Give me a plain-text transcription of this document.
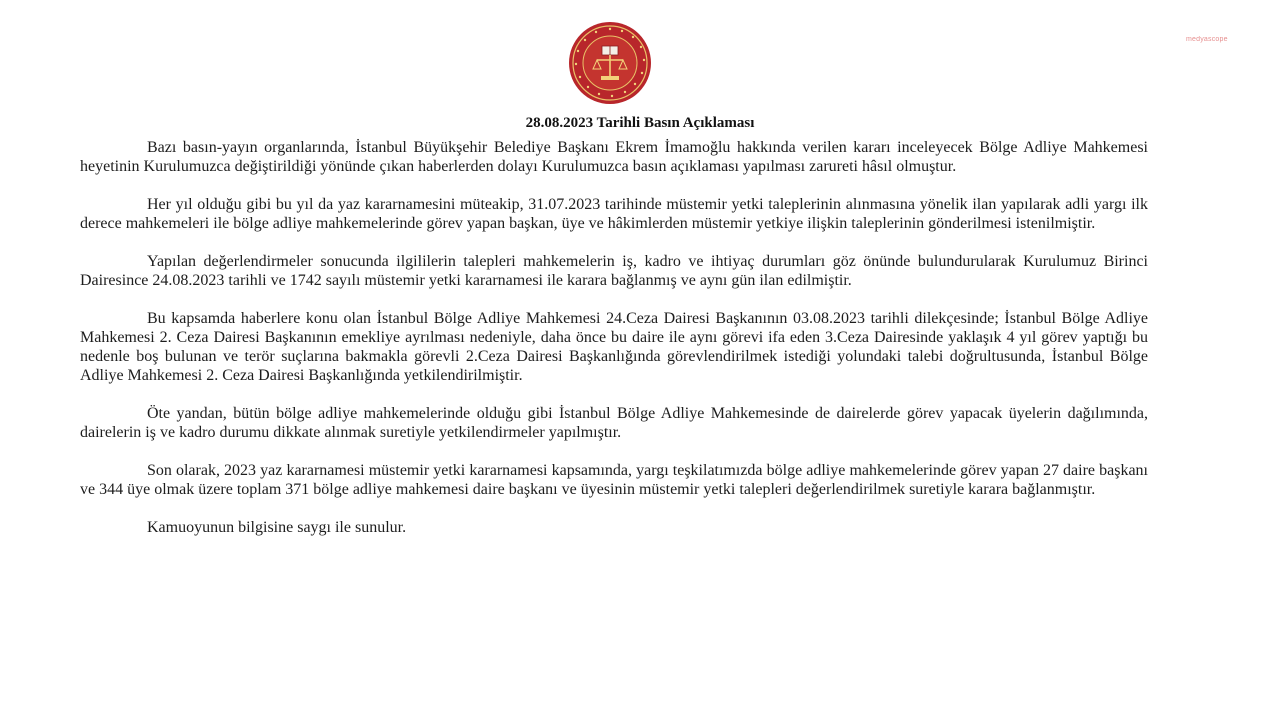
medyascope
28.08.2023 Tarihli Basın Açıklaması

Bazı basın-yayın organlarında, İstanbul Büyükşehir Belediye Başkanı Ekrem İmamoğlu hakkında verilen kararı inceleyecek Bölge Adliye Mahkemesi heyetinin Kurulumuzca değiştirildiği yönünde çıkan haberlerden dolayı Kurulumuzca basın açıklaması yapılması zarureti hâsıl olmuştur.

Her yıl olduğu gibi bu yıl da yaz kararnamesini müteakip, 31.07.2023 tarihinde müstemir yetki taleplerinin alınmasına yönelik ilan yapılarak adli yargı ilk derece mahkemeleri ile bölge adliye mahkemelerinde görev yapan başkan, üye ve hâkimlerden müstemir yetkiye ilişkin taleplerinin gönderilmesi istenilmiştir.

Yapılan değerlendirmeler sonucunda ilgililerin talepleri mahkemelerin iş, kadro ve ihtiyaç durumları göz önünde bulundurularak Kurulumuz Birinci Dairesince 24.08.2023 tarihli ve 1742 sayılı müstemir yetki kararnamesi ile karara bağlanmış ve aynı gün ilan edilmiştir.

Bu kapsamda haberlere konu olan İstanbul Bölge Adliye Mahkemesi 24.Ceza Dairesi Başkanının 03.08.2023 tarihli dilekçesinde; İstanbul Bölge Adliye Mahkemesi 2. Ceza Dairesi Başkanının emekliye ayrılması nedeniyle, daha önce bu daire ile aynı görevi ifa eden 3.Ceza Dairesinde yaklaşık 4 yıl görev yaptığı bu nedenle boş bulunan ve terör suçlarına bakmakla görevli 2.Ceza Dairesi Başkanlığında görevlendirilmek istediği yolundaki talebi doğrultusunda, İstanbul Bölge Adliye Mahkemesi 2. Ceza Dairesi Başkanlığında yetkilendirilmiştir.

Öte yandan, bütün bölge adliye mahkemelerinde olduğu gibi İstanbul Bölge Adliye Mahkemesinde de dairelerde görev yapacak üyelerin dağılımında, dairelerin iş ve kadro durumu dikkate alınmak suretiyle yetkilendirmeler yapılmıştır.

Son olarak, 2023 yaz kararnamesi müstemir yetki kararnamesi kapsamında, yargı teşkilatımızda bölge adliye mahkemelerinde görev yapan 27 daire başkanı ve 344 üye olmak üzere toplam 371 bölge adliye mahkemesi daire başkanı ve üyesinin müstemir yetki talepleri değerlendirilmek suretiyle karara bağlanmıştır.

Kamuoyunun bilgisine saygı ile sunulur.
